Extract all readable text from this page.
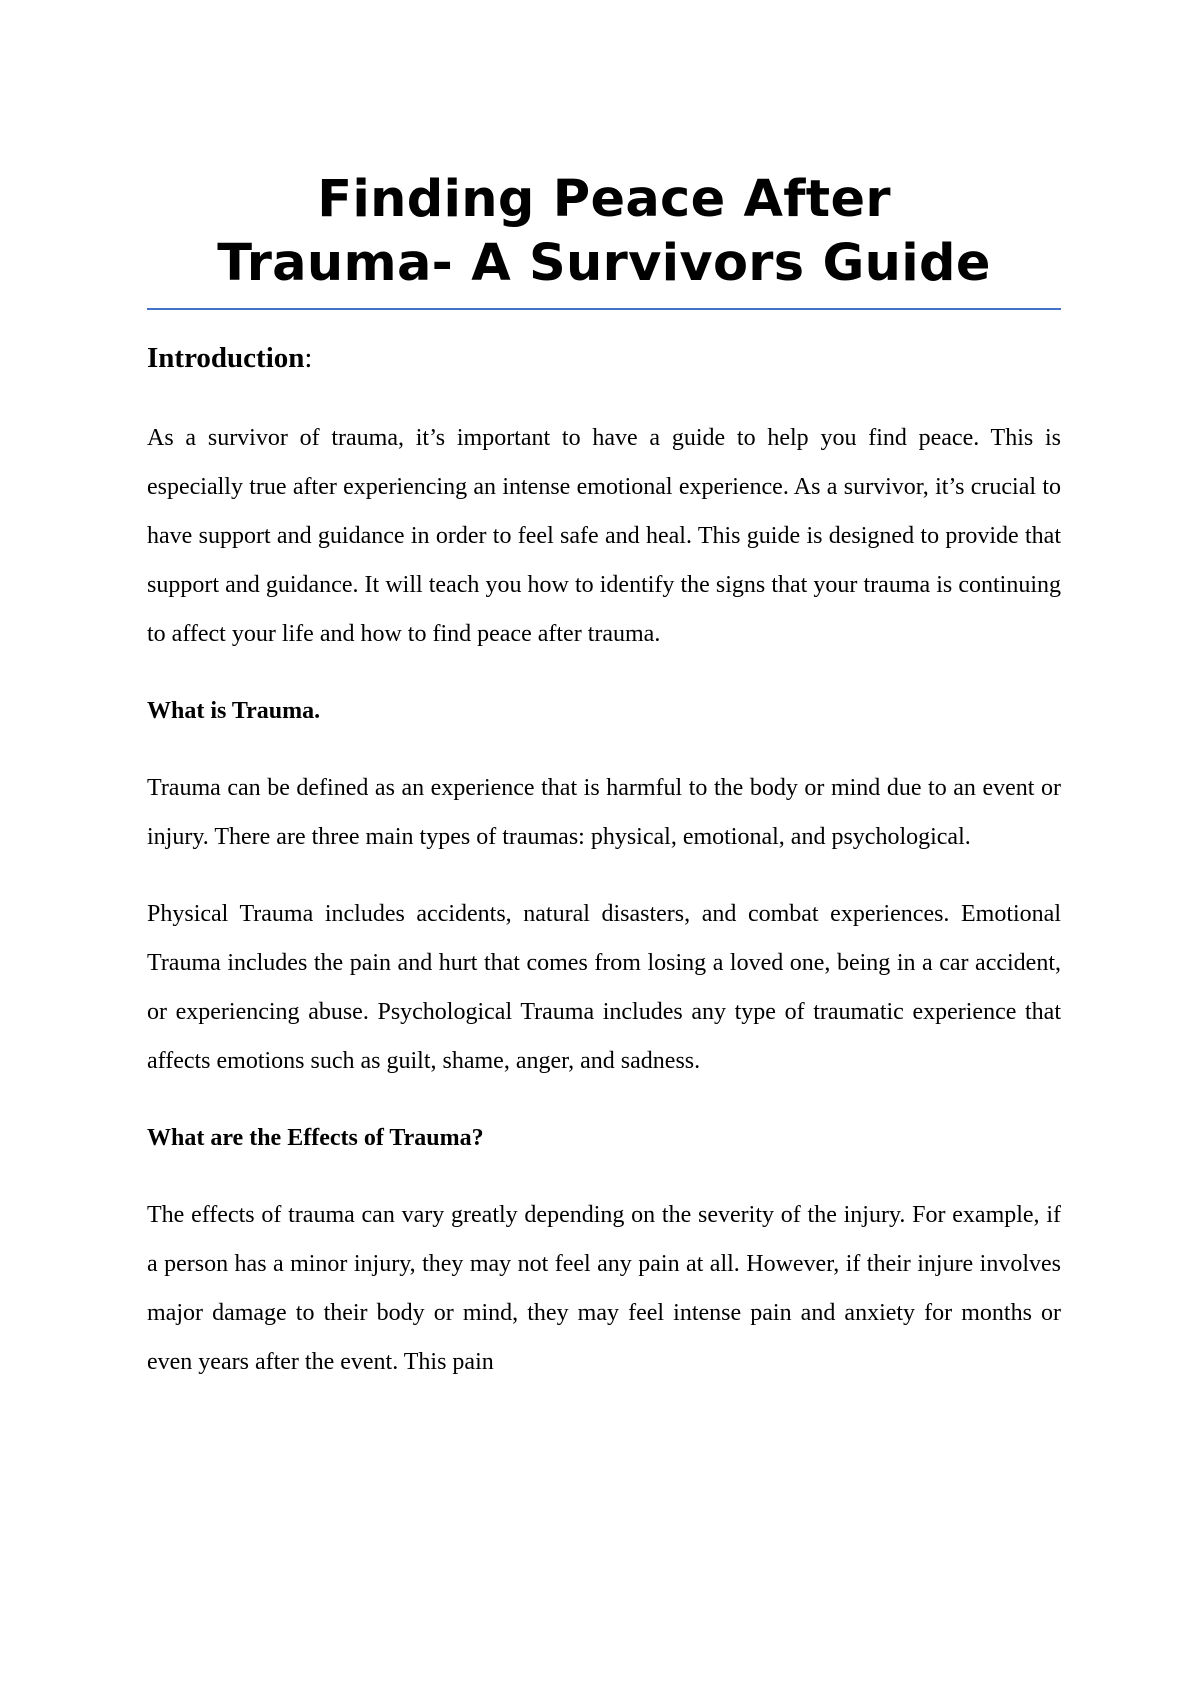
Finding Peace After
Trauma- A Survivors Guide
Introduction:

As a survivor of trauma, it’s important to have a guide to help you find peace. This is especially true after experiencing an intense emotional experience. As a survivor, it’s crucial to have support and guidance in order to feel safe and heal. This guide is designed to provide that support and guidance. It will teach you how to identify the signs that your trauma is continuing to affect your life and how to find peace after trauma.

What is Trauma.

Trauma can be defined as an experience that is harmful to the body or mind due to an event or injury. There are three main types of traumas: physical, emotional, and psychological.

Physical Trauma includes accidents, natural disasters, and combat experiences. Emotional Trauma includes the pain and hurt that comes from losing a loved one, being in a car accident, or experiencing abuse. Psychological Trauma includes any type of traumatic experience that affects emotions such as guilt, shame, anger, and sadness.

What are the Effects of Trauma?

The effects of trauma can vary greatly depending on the severity of the injury. For example, if a person has a minor injury, they may not feel any pain at all. However, if their injure involves major damage to their body or mind, they may feel intense pain and anxiety for months or even years after the event. This pain
